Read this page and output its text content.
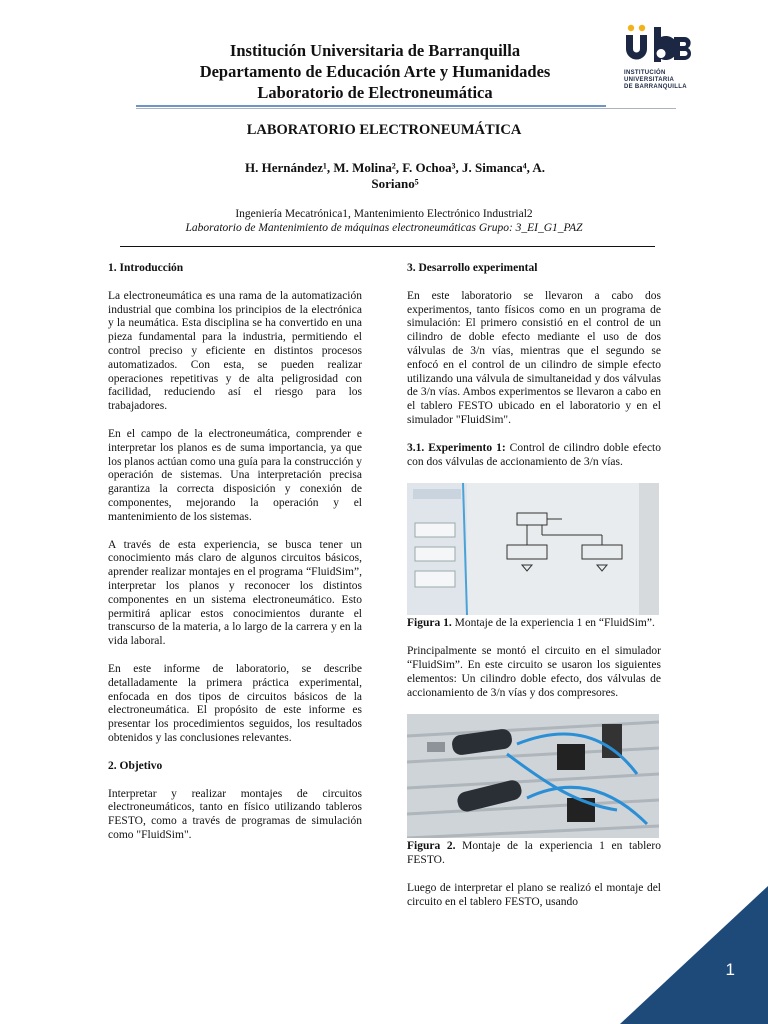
Institución Universitaria de Barranquilla
Departamento de Educación Arte y Humanidades
Laboratorio de Electroneumática
INSTITUCIÓN
UNIVERSITARIA
DE BARRANQUILLA
LABORATORIO ELECTRONEUMÁTICA
H. Hernández¹, M. Molina², F. Ochoa³, J. Simanca⁴, A. Soriano⁵
Ingeniería Mecatrónica1, Mantenimiento Electrónico Industrial2
Laboratorio de Mantenimiento de máquinas electroneumáticas Grupo: 3_EI_G1_PAZ
1. Introducción

La electroneumática es una rama de la automatización industrial que combina los principios de la electrónica y la neumática. Esta disciplina se ha convertido en una pieza fundamental para la industria, permitiendo el control preciso y eficiente en distintos procesos automatizados. Con esta, se pueden realizar operaciones repetitivas y de alta peligrosidad con facilidad, reduciendo así el riesgo para los trabajadores.

En el campo de la electroneumática, comprender e interpretar los planos es de suma importancia, ya que los planos actúan como una guía para la construcción y operación de sistemas. Una interpretación precisa garantiza la correcta disposición y conexión de componentes, mejorando la operación y el mantenimiento de los sistemas.

A través de esta experiencia, se busca tener un conocimiento más claro de algunos circuitos básicos, aprender realizar montajes en el programa “FluidSim”, interpretar los planos y reconocer los distintos componentes en un sistema electroneumático. Esto permitirá aplicar estos conocimientos durante el transcurso de la materia, a lo largo de la carrera y en la vida laboral.

En este informe de laboratorio, se describe detalladamente la primera práctica experimental, enfocada en dos tipos de circuitos básicos de la electroneumática. El propósito de este informe es presentar los procedimientos seguidos, los resultados obtenidos y las conclusiones relevantes.

2. Objetivo

Interpretar y realizar montajes de circuitos electroneumáticos, tanto en físico utilizando tableros FESTO, como a través de programas de simulación como "FluidSim".

3. Desarrollo experimental

En este laboratorio se llevaron a cabo dos experimentos, tanto físicos como en un programa de simulación: El primero consistió en el control de un cilindro de doble efecto mediante el uso de dos válvulas de 3/n vías, mientras que el segundo se enfocó en el control de un cilindro de simple efecto utilizando una válvula de simultaneidad y dos válvulas de 3/n vías. Ambos experimentos se llevaron a cabo en el tablero FESTO ubicado en el laboratorio y en el simulador "FluidSim".

3.1. Experimento 1: Control de cilindro doble efecto con dos válvulas de accionamiento de 3/n vías.

Figura 1. Montaje de la experiencia 1 en “FluidSim”.

Principalmente se montó el circuito en el simulador “FluidSim”. En este circuito se usaron los siguientes elementos: Un cilindro doble efecto, dos válvulas de accionamiento de 3/n vías y dos compresores.

Figura 2. Montaje de la experiencia 1 en tablero FESTO.

Luego de interpretar el plano se realizó el montaje del circuito en el tablero FESTO, usando

1
